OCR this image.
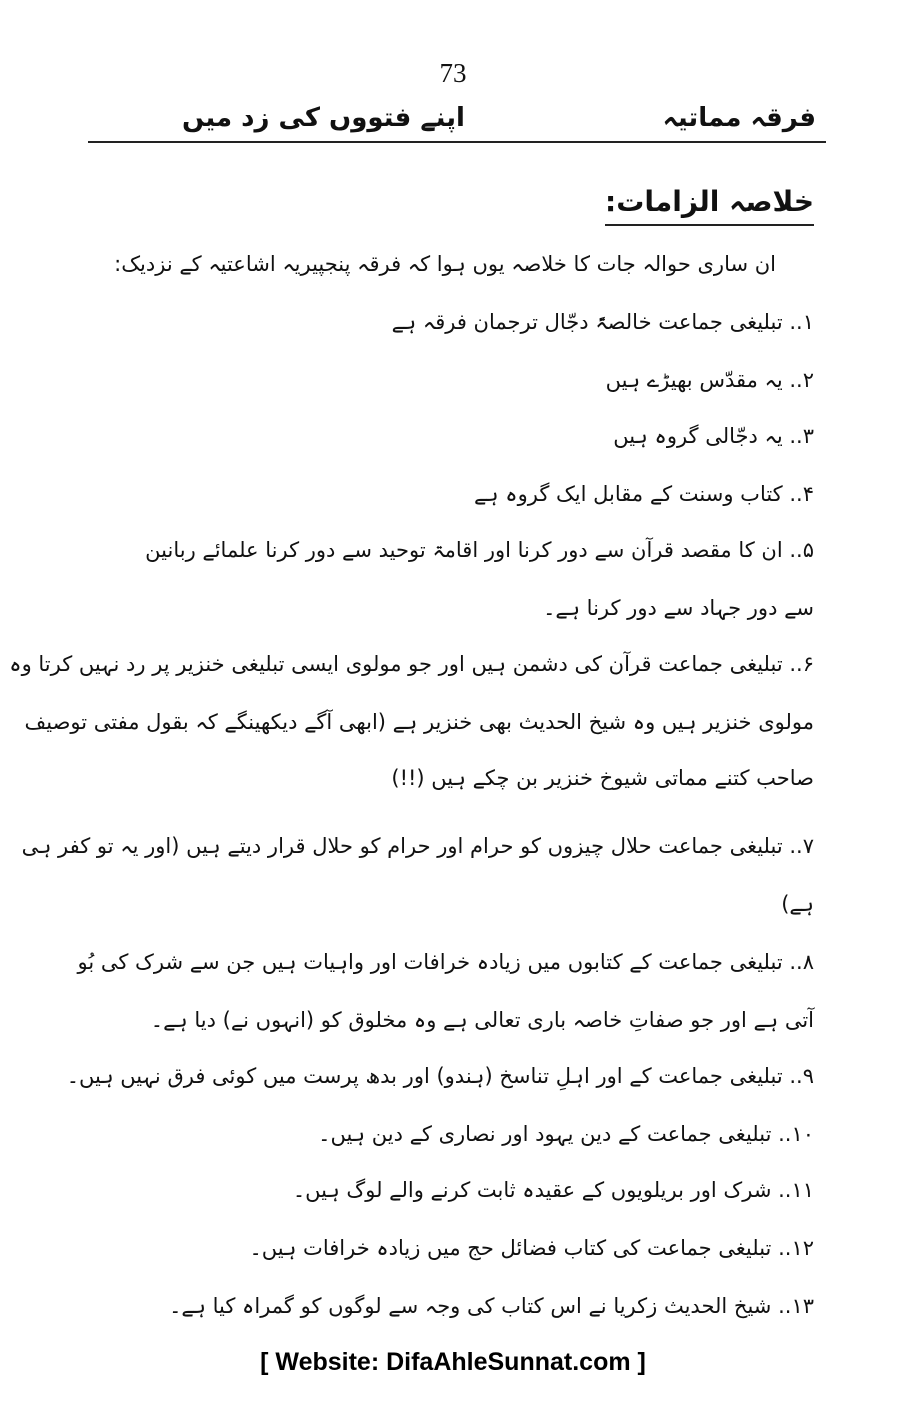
73
فرقہ مماتیہ
اپنے فتووں کی زد میں
خلاصہ الزامات:
ان ساری حوالہ جات کا خلاصہ یوں ہوا کہ فرقہ پنجپیریہ اشاعتیہ کے نزدیک:
۱.. تبلیغی جماعت خالصۃً دجّال ترجمان فرقہ ہے
۲.. یہ مقدّس بھیڑے ہیں
۳.. یہ دجّالی گروہ ہیں
۴.. کتاب وسنت کے مقابل ایک گروہ ہے
۵.. ان کا مقصد قرآن سے دور کرنا اور اقامۃ توحید سے دور کرنا علمائے ربانین
سے دور جہاد سے دور کرنا ہے۔
۶.. تبلیغی جماعت قرآن کی دشمن ہیں اور جو مولوی ایسی تبلیغی خنزیر پر رد نہیں کرتا وہ
مولوی خنزیر ہیں وہ شیخ الحدیث بھی خنزیر ہے (ابھی آگے دیکھینگے کہ بقول مفتی توصیف
صاحب کتنے مماتی شیوخ خنزیر بن چکے ہیں (!!)
۷.. تبلیغی جماعت حلال چیزوں کو حرام اور حرام کو حلال قرار دیتے ہیں (اور یہ تو کفر ہی
ہے)
۸.. تبلیغی جماعت کے کتابوں میں زیادہ خرافات اور واہیات ہیں جن سے شرک کی بُو
آتی ہے اور جو صفاتِ خاصہ باری تعالی ہے وہ مخلوق کو (انہوں نے) دیا ہے۔
۹.. تبلیغی جماعت کے اور اہلِ تناسخ (ہندو) اور بدھ پرست میں کوئی فرق نہیں ہیں۔
۱۰.. تبلیغی جماعت کے دین یہود اور نصاری کے دین ہیں۔
۱۱.. شرک اور بریلویوں کے عقیدہ ثابت کرنے والے لوگ ہیں۔
۱۲.. تبلیغی جماعت کی کتاب فضائل حج میں زیادہ خرافات ہیں۔
۱۳.. شیخ الحدیث زکریا نے اس کتاب کی وجہ سے لوگوں کو گمراہ کیا ہے۔
[ Website: DifaAhleSunnat.com ]
